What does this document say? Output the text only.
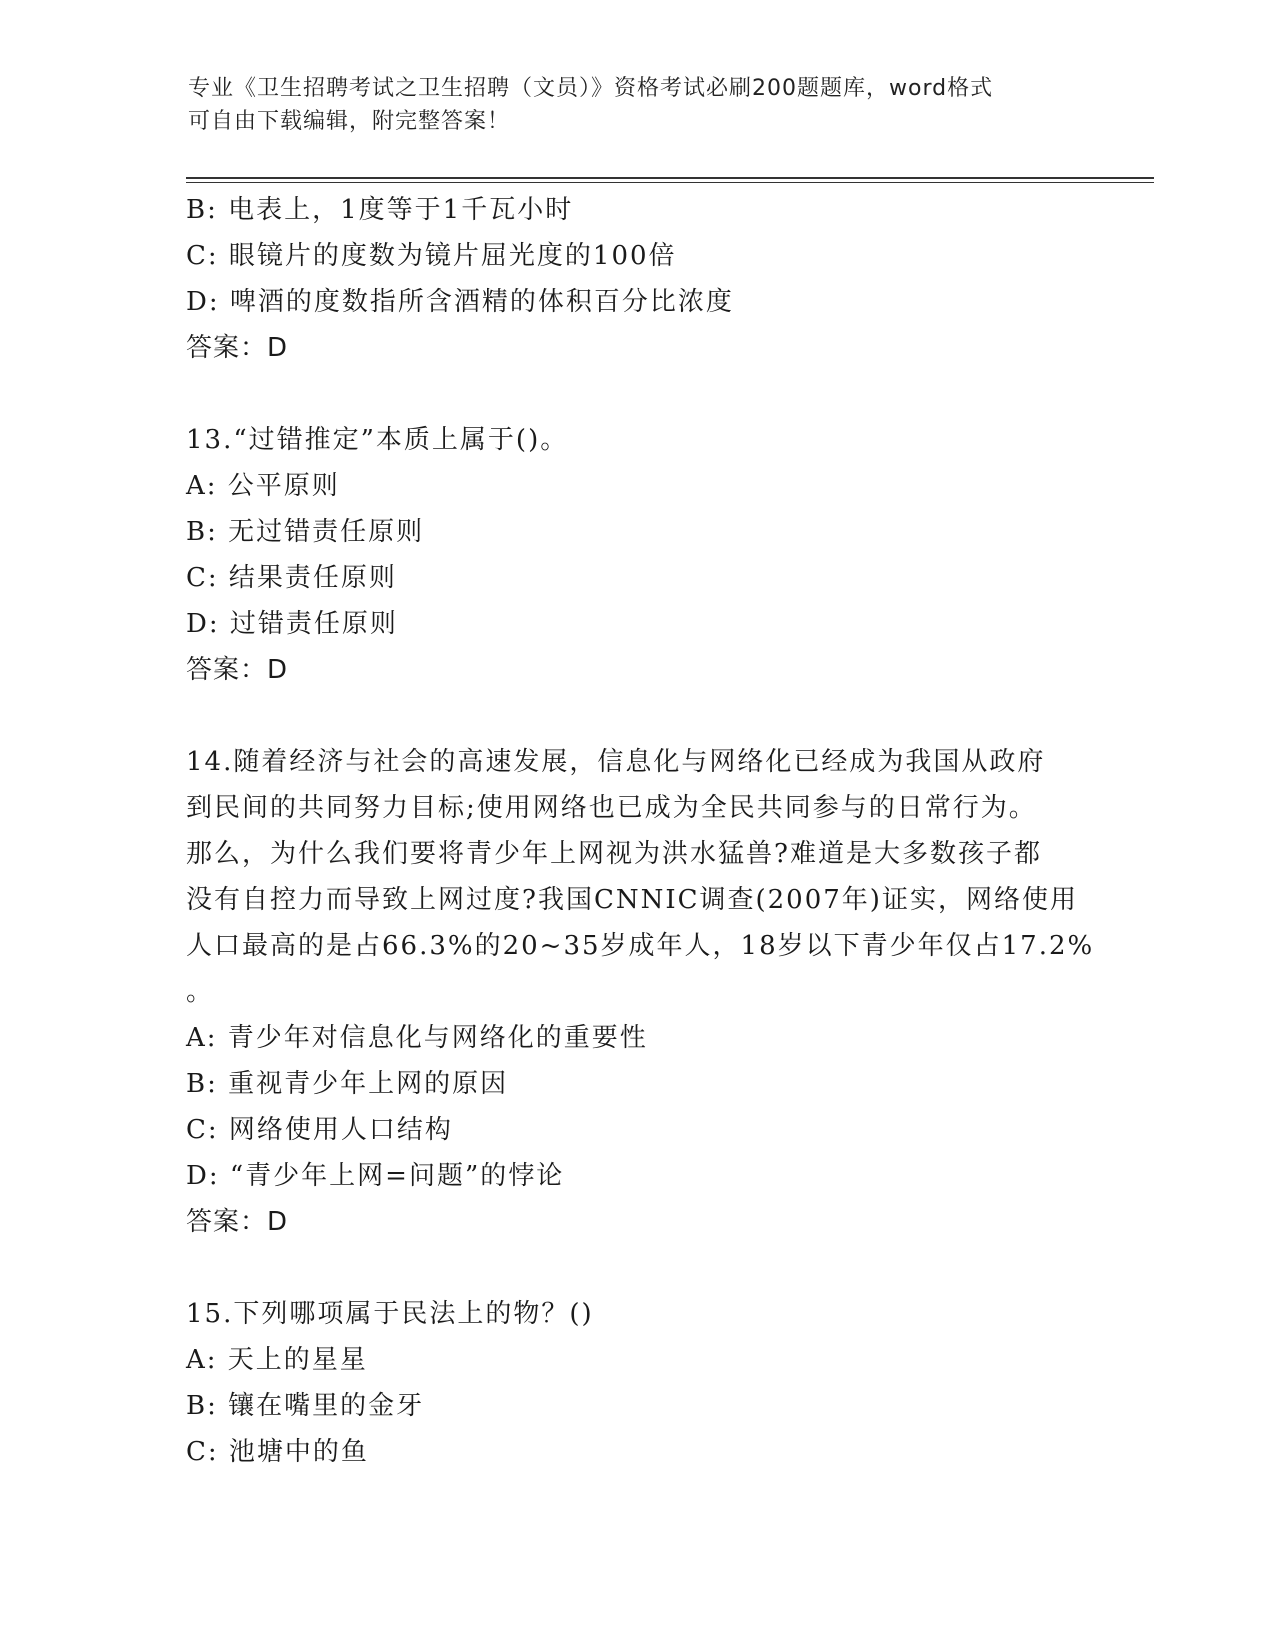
专业《卫生招聘考试之卫生招聘（文员）》资格考试必刷200题题库，word格式
可自由下载编辑，附完整答案！
B: 电表上，1度等于1千瓦小时
C: 眼镜片的度数为镜片屈光度的100倍
D: 啤酒的度数指所含酒精的体积百分比浓度
答案：D
13.“过错推定”本质上属于()。
A: 公平原则
B: 无过错责任原则
C: 结果责任原则
D: 过错责任原则
答案：D
14.随着经济与社会的高速发展，信息化与网络化已经成为我国从政府
到民间的共同努力目标;使用网络也已成为全民共同参与的日常行为。
那么，为什么我们要将青少年上网视为洪水猛兽?难道是大多数孩子都
没有自控力而导致上网过度?我国CNNIC调查(2007年)证实，网络使用
人口最高的是占66.3%的20~35岁成年人，18岁以下青少年仅占17.2%
。
A: 青少年对信息化与网络化的重要性
B: 重视青少年上网的原因
C: 网络使用人口结构
D: “青少年上网=问题”的悖论
答案：D
15.下列哪项属于民法上的物？()
A: 天上的星星
B: 镶在嘴里的金牙
C: 池塘中的鱼
